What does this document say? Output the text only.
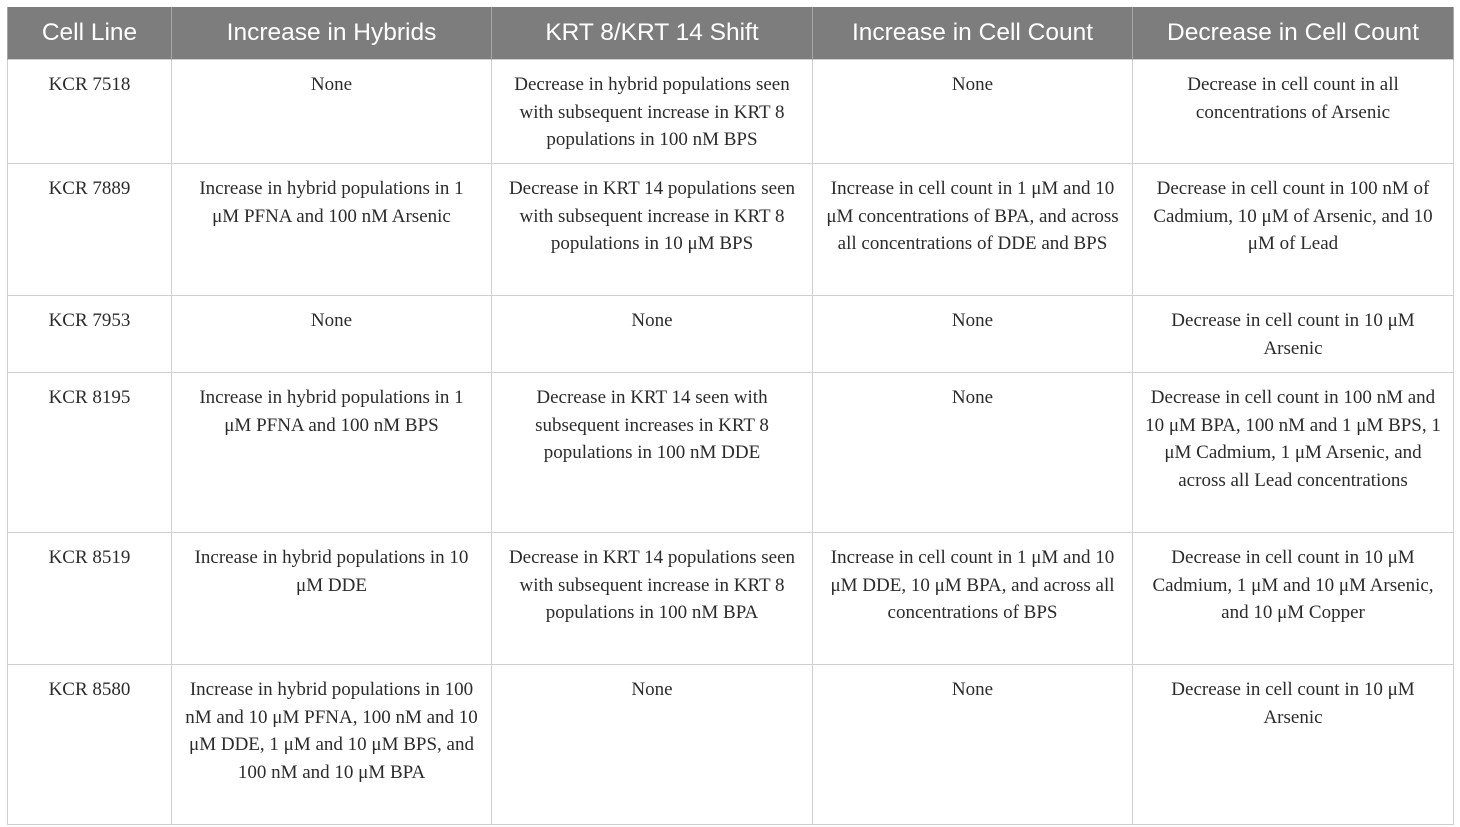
Cell Line	Increase in Hybrids	KRT 8/KRT 14 Shift	Increase in Cell Count	Decrease in Cell Count
KCR 7518	None	Decrease in hybrid populations seen with subsequent increase in KRT 8 populations in 100 nM BPS	None	Decrease in cell count in all concentrations of Arsenic
KCR 7889	Increase in hybrid populations in 1 μM PFNA and 100 nM Arsenic	Decrease in KRT 14 populations seen with subsequent increase in KRT 8 populations in 10 μM BPS	Increase in cell count in 1 μM and 10 μM concentrations of BPA, and across all concentrations of DDE and BPS	Decrease in cell count in 100 nM of Cadmium, 10 μM of Arsenic, and 10 μM of Lead
KCR 7953	None	None	None	Decrease in cell count in 10 μM Arsenic
KCR 8195	Increase in hybrid populations in 1 μM PFNA and 100 nM BPS	Decrease in KRT 14 seen with subsequent increases in KRT 8 populations in 100 nM DDE	None	Decrease in cell count in 100 nM and 10 μM BPA, 100 nM and 1 μM BPS, 1 μM Cadmium, 1 μM Arsenic, and across all Lead concentrations
KCR 8519	Increase in hybrid populations in 10 μM DDE	Decrease in KRT 14 populations seen with subsequent increase in KRT 8 populations in 100 nM BPA	Increase in cell count in 1 μM and 10 μM DDE, 10 μM BPA, and across all concentrations of BPS	Decrease in cell count in 10 μM Cadmium, 1 μM and 10 μM Arsenic, and 10 μM Copper
KCR 8580	Increase in hybrid populations in 100 nM and 10 μM PFNA, 100 nM and 10 μM DDE, 1 μM and 10 μM BPS, and 100 nM and 10 μM BPA	None	None	Decrease in cell count in 10 μM Arsenic
